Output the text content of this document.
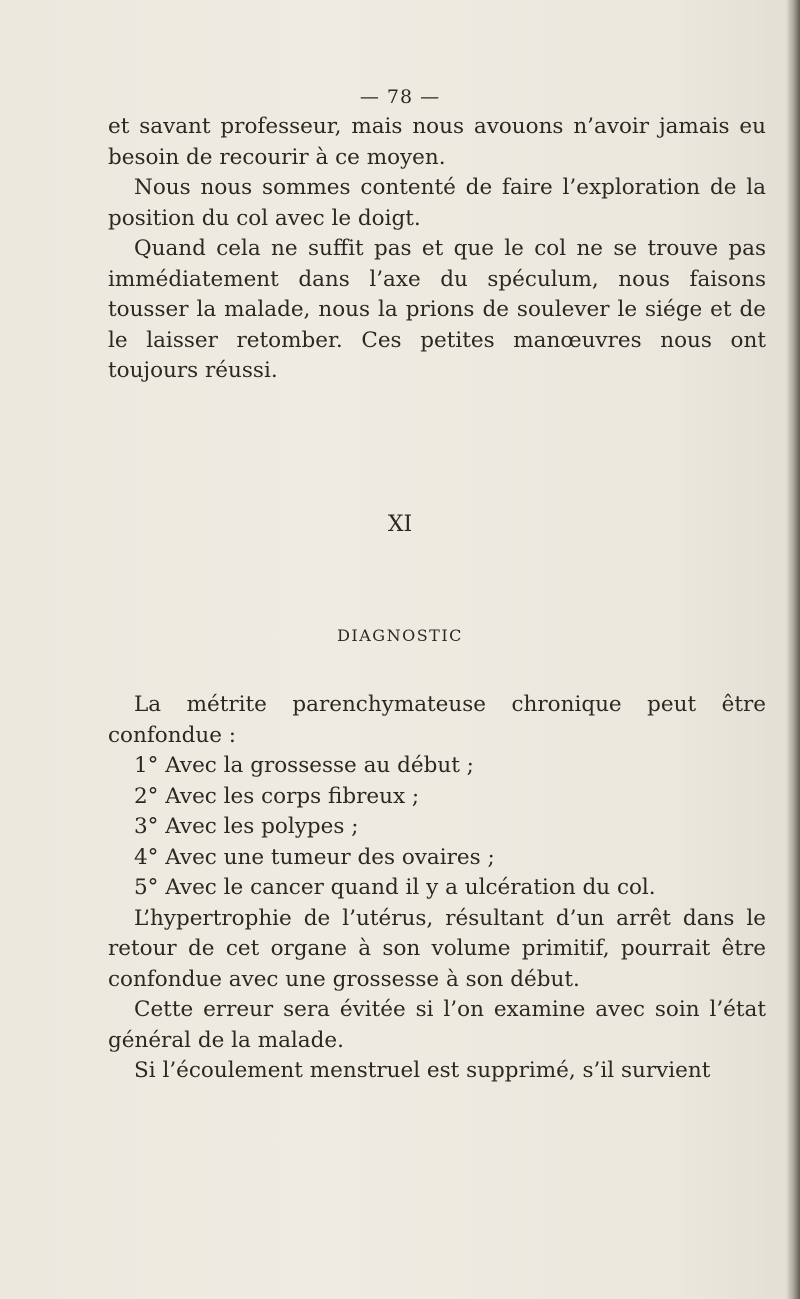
— 78 —

et savant professeur, mais nous avouons n’avoir jamais eu besoin de recourir à ce moyen.

Nous nous sommes contenté de faire l’exploration de la position du col avec le doigt.

Quand cela ne suffit pas et que le col ne se trouve pas immédiatement dans l’axe du spéculum, nous faisons tousser la malade, nous la prions de soulever le siége et de le laisser retomber. Ces petites manœuvres nous ont toujours réussi.

XI
DIAGNOSTIC

La métrite parenchymateuse chronique peut être confondue :

1° Avec la grossesse au début ;

2° Avec les corps fibreux ;

3° Avec les polypes ;

4° Avec une tumeur des ovaires ;

5° Avec le cancer quand il y a ulcération du col.

L’hypertrophie de l’utérus, résultant d’un arrêt dans le retour de cet organe à son volume primitif, pourrait être confondue avec une grossesse à son début.

Cette erreur sera évitée si l’on examine avec soin l’état général de la malade.

Si l’écoulement menstruel est supprimé, s’il survient
